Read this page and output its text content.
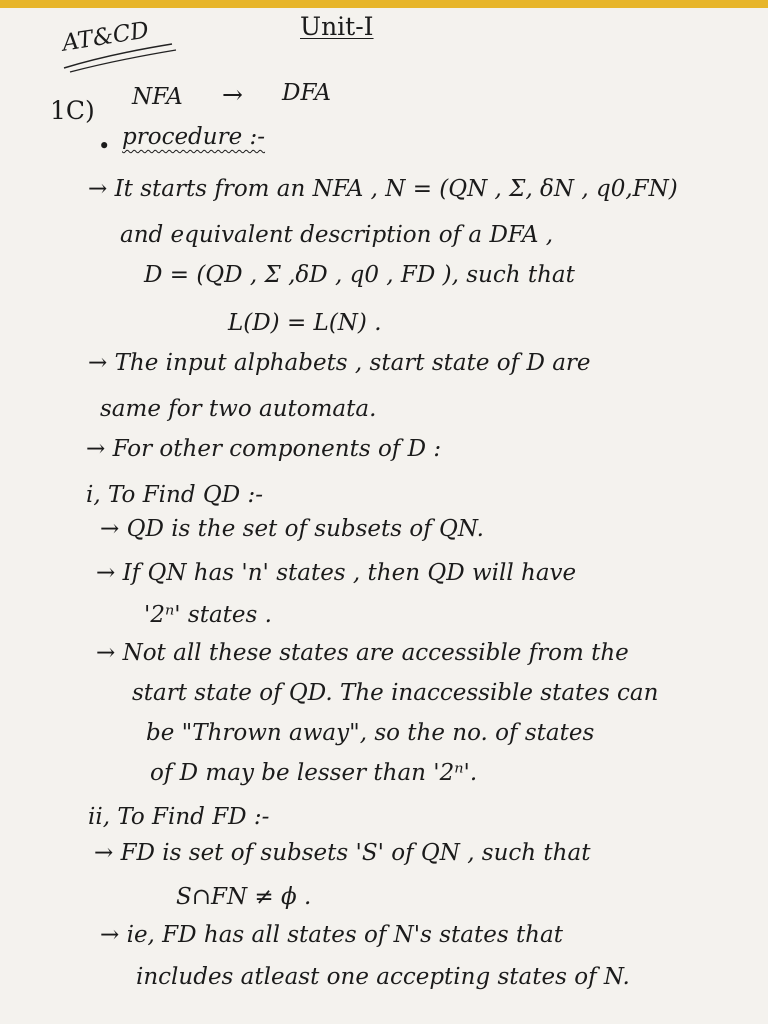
AT&CD	Unit-I
1C) NFA → DFA
• procedure :-
→ It starts from an NFA , N = (QN , Σ, δN , q0,FN)
and equivalent description of a DFA ,
D = (QD , Σ ,δD , q0 , FD ), such that
L(D) = L(N) .
→ The input alphabets , start state of D are
same for two automata.
→ For other components of D :
i, To Find QD :-
→ QD is the set of subsets of QN.
→ If QN has 'n' states , then QD will have
'2ⁿ' states .
→ Not all these states are accessible from the
start state of QD. The inaccessible states can
be "Thrown away", so the no. of states
of D may be lesser than '2ⁿ'.
ii, To Find FD :-
→ FD is set of subsets 'S' of QN , such that
S∩FN ≠ ϕ .
→ ie, FD has all states of N's states that
includes atleast one accepting states of N.
